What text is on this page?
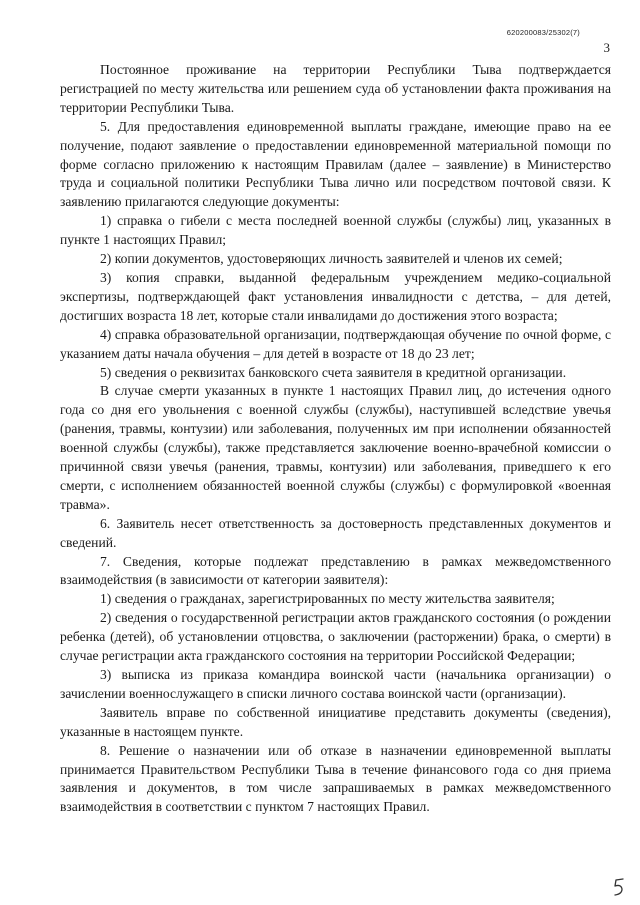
620200083/25302(7)
3

Постоянное проживание на территории Республики Тыва подтверждается регистрацией по месту жительства или решением суда об установлении факта проживания на территории Республики Тыва.

5. Для предоставления единовременной выплаты граждане, имеющие право на ее получение, подают заявление о предоставлении единовременной материальной помощи по форме согласно приложению к настоящим Правилам (далее – заявление) в Министерство труда и социальной политики Республики Тыва лично или посредством почтовой связи. К заявлению прилагаются следующие документы:

1) справка о гибели с места последней военной службы (службы) лиц, указанных в пункте 1 настоящих Правил;

2) копии документов, удостоверяющих личность заявителей и членов их семей;

3) копия справки, выданной федеральным учреждением медико-социальной экспертизы, подтверждающей факт установления инвалидности с детства, – для детей, достигших возраста 18 лет, которые стали инвалидами до достижения этого возраста;

4) справка образовательной организации, подтверждающая обучение по очной форме, с указанием даты начала обучения – для детей в возрасте от 18 до 23 лет;

5) сведения о реквизитах банковского счета заявителя в кредитной организации.

В случае смерти указанных в пункте 1 настоящих Правил лиц, до истечения одного года со дня его увольнения с военной службы (службы), наступившей вследствие увечья (ранения, травмы, контузии) или заболевания, полученных им при исполнении обязанностей военной службы (службы), также представляется заключение военно-врачебной комиссии о причинной связи увечья (ранения, травмы, контузии) или заболевания, приведшего к его смерти, с исполнением обязанностей военной службы (службы) с формулировкой «военная травма».

6. Заявитель несет ответственность за достоверность представленных документов и сведений.

7. Сведения, которые подлежат представлению в рамках межведомственного взаимодействия (в зависимости от категории заявителя):

1) сведения о гражданах, зарегистрированных по месту жительства заявителя;

2) сведения о государственной регистрации актов гражданского состояния (о рождении ребенка (детей), об установлении отцовства, о заключении (расторжении) брака, о смерти) в случае регистрации акта гражданского состояния на территории Российской Федерации;

3) выписка из приказа командира воинской части (начальника организации) о зачислении военнослужащего в списки личного состава воинской части (организации).

Заявитель вправе по собственной инициативе представить документы (сведения), указанные в настоящем пункте.

8. Решение о назначении или об отказе в назначении единовременной выплаты принимается Правительством Республики Тыва в течение финансового года со дня приема заявления и документов, в том числе запрашиваемых в рамках межведомственного взаимодействия в соответствии с пунктом 7 настоящих Правил.
